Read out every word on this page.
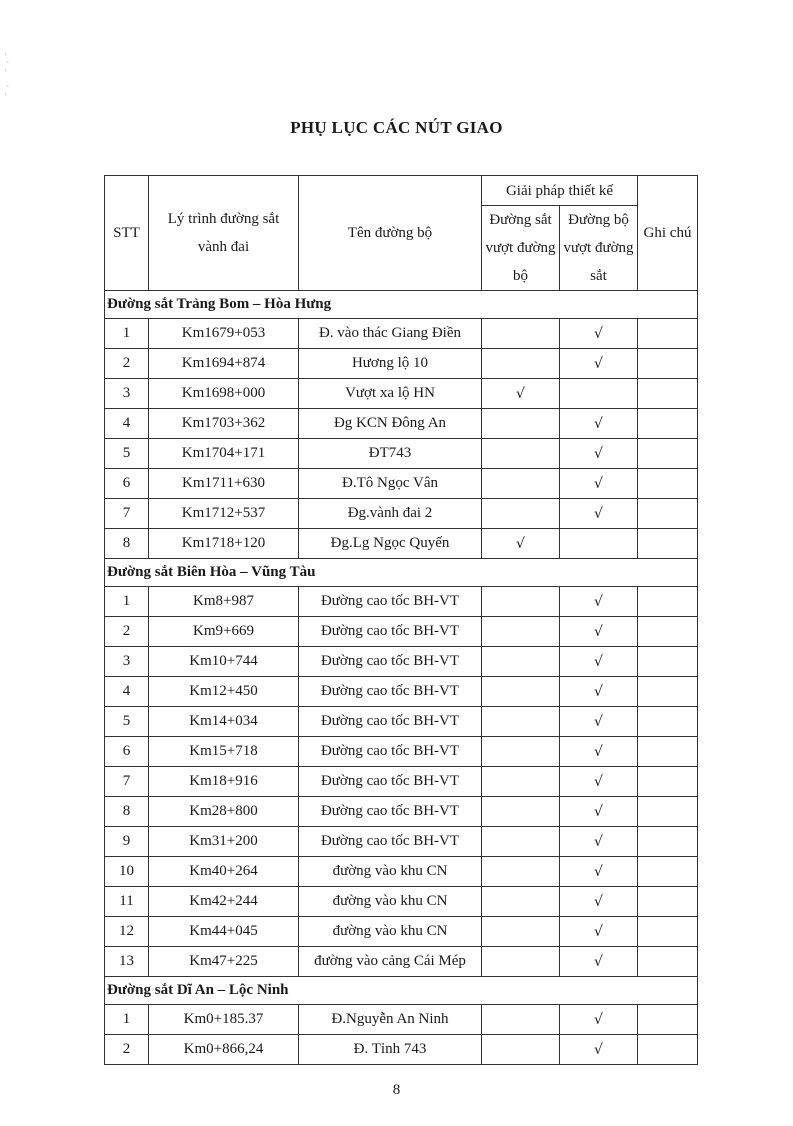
·
·
·

·
·
PHỤ LỤC CÁC NÚT GIAO
STT	Lý trình đường sắt vành đai	Tên đường bộ	Giải pháp thiết kế		Ghi chú
			Đường sắt vượt đường bộ	Đường bộ vượt đường sắt	
Đường sắt Trảng Bom – Hòa Hưng					
1	Km1679+053	Đ. vào thác Giang Điền		√	
2	Km1694+874	Hương lộ 10		√	
3	Km1698+000	Vượt xa lộ HN	√		
4	Km1703+362	Đg KCN Đông An		√	
5	Km1704+171	ĐT743		√	
6	Km1711+630	Đ.Tô Ngọc Vân		√	
7	Km1712+537	Đg.vành đai 2		√	
8	Km1718+120	Đg.Lg Ngọc Quyến	√		
Đường sắt Biên Hòa – Vũng Tàu					
1	Km8+987	Đường cao tốc BH-VT		√	
2	Km9+669	Đường cao tốc BH-VT		√	
3	Km10+744	Đường cao tốc BH-VT		√	
4	Km12+450	Đường cao tốc BH-VT		√	
5	Km14+034	Đường cao tốc BH-VT		√	
6	Km15+718	Đường cao tốc BH-VT		√	
7	Km18+916	Đường cao tốc BH-VT		√	
8	Km28+800	Đường cao tốc BH-VT		√	
9	Km31+200	Đường cao tốc BH-VT		√	
10	Km40+264	đường vào khu CN		√	
11	Km42+244	đường vào khu CN		√	
12	Km44+045	đường vào khu CN		√	
13	Km47+225	đường vào cảng Cái Mép		√	
Đường sắt Dĩ An – Lộc Ninh					
1	Km0+185.37	Đ.Nguyễn An Ninh		√	
2	Km0+866,24	Đ. Tỉnh 743		√	
8
